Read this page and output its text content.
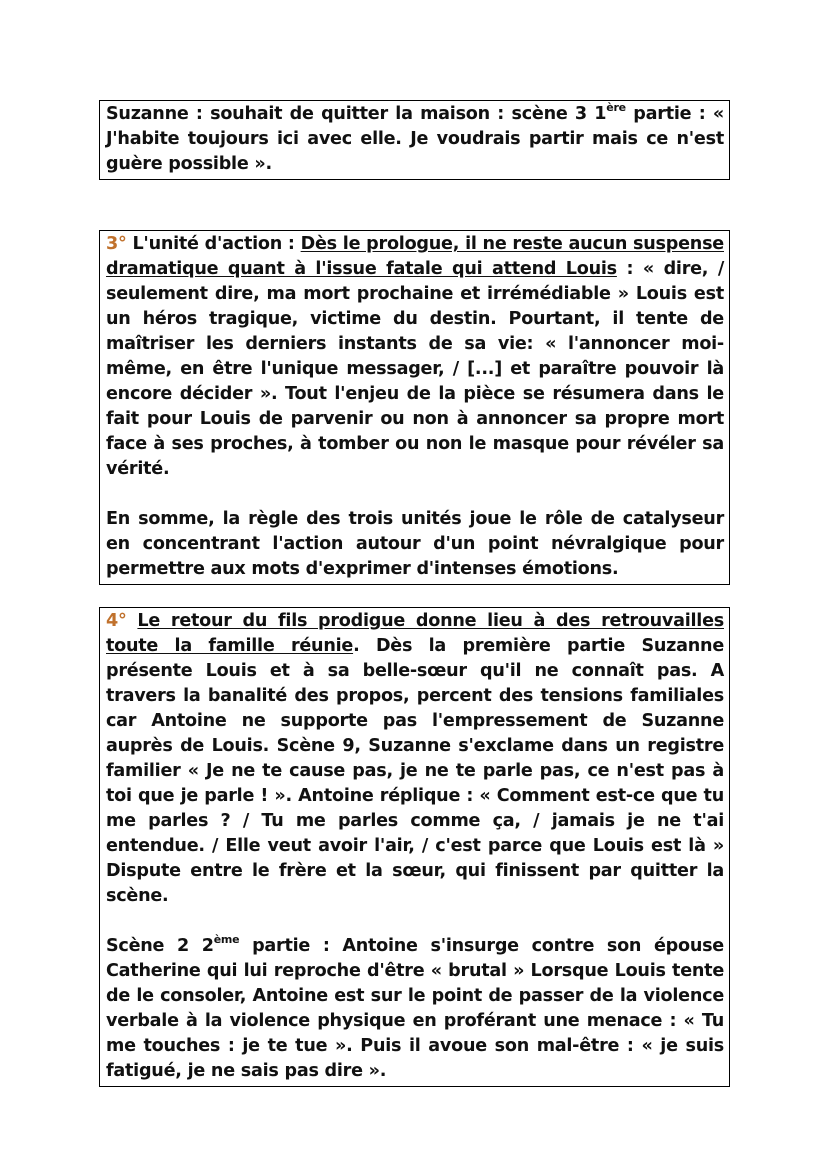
Suzanne : souhait de quitter la maison : scène 3 1ère partie : « J'habite toujours ici avec elle. Je voudrais partir mais ce n'est guère possible ».

3° L'unité d'action : Dès le prologue, il ne reste aucun suspense dramatique quant à l'issue fatale qui attend Louis : « dire, / seulement dire, ma mort prochaine et irrémédiable » Louis est un héros tragique, victime du destin. Pourtant, il tente de maîtriser les derniers instants de sa vie: « l'annoncer moi-même, en être l'unique messager, / [...] et paraître pouvoir là encore décider ». Tout l'enjeu de la pièce se résumera dans le fait pour Louis de parvenir ou non à annoncer sa propre mort face à ses proches, à tomber ou non le masque pour révéler sa vérité.

En somme, la règle des trois unités joue le rôle de catalyseur en concentrant l'action autour d'un point névralgique pour permettre aux mots d'exprimer d'intenses émotions.

4° Le retour du fils prodigue donne lieu à des retrouvailles toute la famille réunie. Dès la première partie Suzanne présente Louis et à sa belle-sœur qu'il ne connaît pas. A travers la banalité des propos, percent des tensions familiales car Antoine ne supporte pas l'empressement de Suzanne auprès de Louis. Scène 9, Suzanne s'exclame dans un registre familier « Je ne te cause pas, je ne te parle pas, ce n'est pas à toi que je parle ! ». Antoine réplique : « Comment est-ce que tu me parles ? / Tu me parles comme ça, / jamais je ne t'ai entendue. / Elle veut avoir l'air, / c'est parce que Louis est là » Dispute entre le frère et la sœur, qui finissent par quitter la scène.

Scène 2 2ème partie : Antoine s'insurge contre son épouse Catherine qui lui reproche d'être « brutal » Lorsque Louis tente de le consoler, Antoine est sur le point de passer de la violence verbale à la violence physique en proférant une menace : « Tu me touches : je te tue ». Puis il avoue son mal-être : « je suis fatigué, je ne sais pas dire ».
